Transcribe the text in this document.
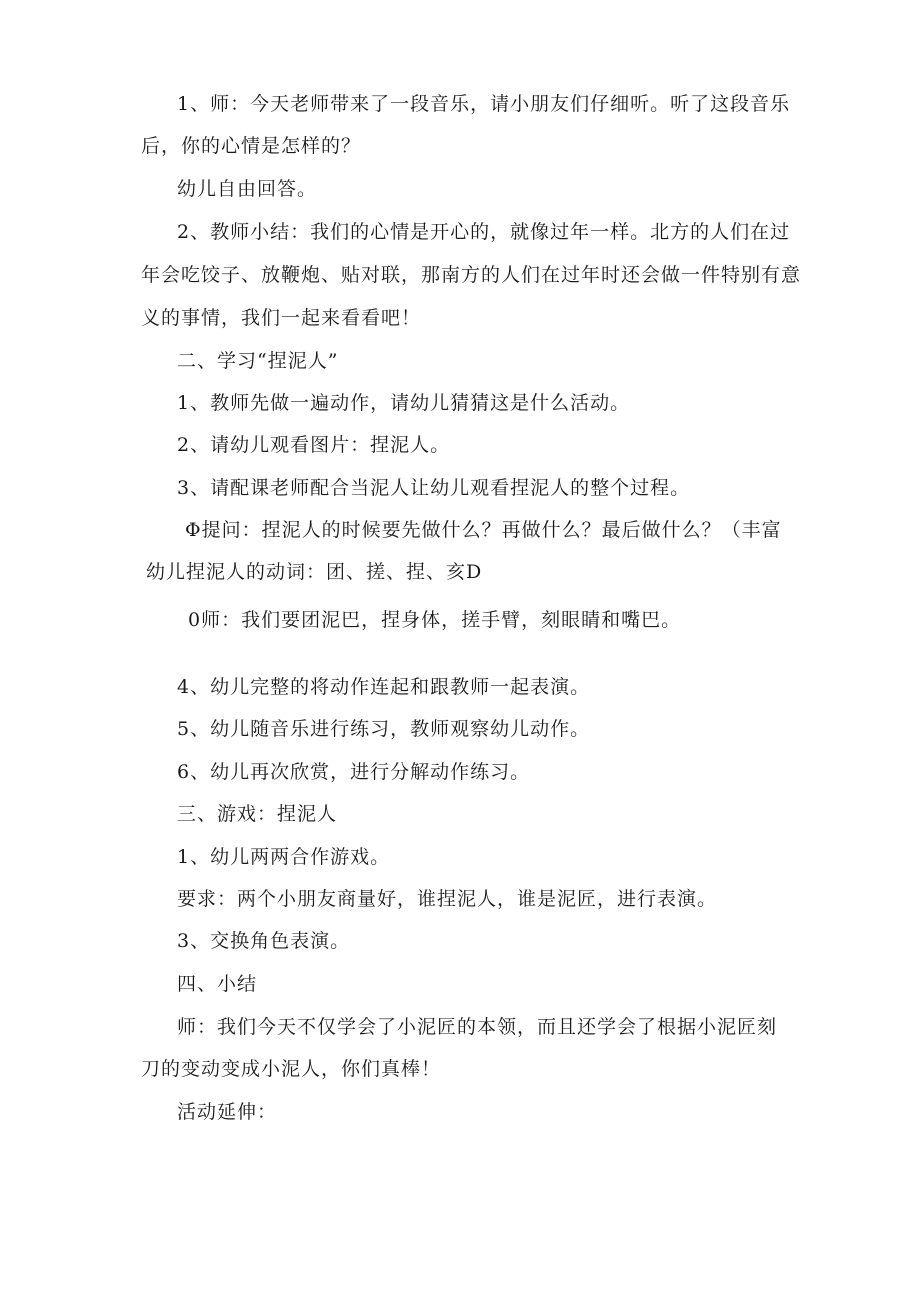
1、师：今天老师带来了一段音乐，请小朋友们仔细听。听了这段音乐
后，你的心情是怎样的？
幼儿自由回答。
2、教师小结：我们的心情是开心的，就像过年一样。北方的人们在过
年会吃饺子、放鞭炮、贴对联，那南方的人们在过年时还会做一件特别有意
义的事情，我们一起来看看吧！
二、学习“捏泥人”
1、教师先做一遍动作，请幼儿猜猜这是什么活动。
2、请幼儿观看图片：捏泥人。
3、请配课老师配合当泥人让幼儿观看捏泥人的整个过程。
Φ提问：捏泥人的时候要先做什么？再做什么？最后做什么？（丰富
幼儿捏泥人的动词：团、搓、捏、亥D
0师：我们要团泥巴，捏身体，搓手臂，刻眼睛和嘴巴。
4、幼儿完整的将动作连起和跟教师一起表演。
5、幼儿随音乐进行练习，教师观察幼儿动作。
6、幼儿再次欣赏，进行分解动作练习。
三、游戏：捏泥人
1、幼儿两两合作游戏。
要求：两个小朋友商量好，谁捏泥人，谁是泥匠，进行表演。
3、交换角色表演。
四、小结
师：我们今天不仅学会了小泥匠的本领，而且还学会了根据小泥匠刻
刀的变动变成小泥人，你们真棒！
活动延伸：
